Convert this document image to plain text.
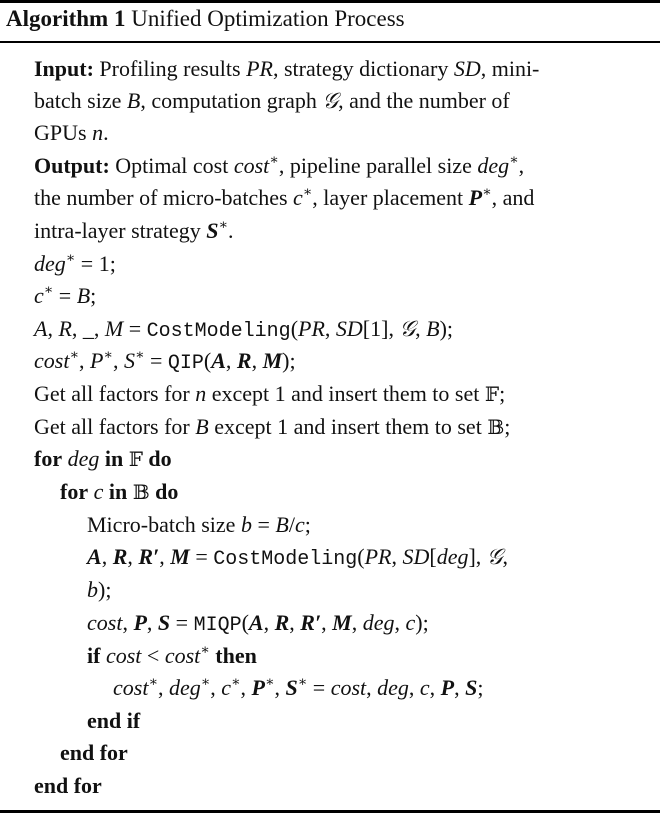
Algorithm 1 Unified Optimization Process
Input: Profiling results PR, strategy dictionary SD, mini-
batch size B, computation graph 𝒢, and the number of
GPUs n.
Output: Optimal cost cost∗, pipeline parallel size deg∗,
the number of micro-batches c∗, layer placement P∗, and
intra-layer strategy S∗.
deg∗ = 1;
c∗ = B;
A, R, _, M = CostModeling(PR, SD[1], 𝒢, B);
cost∗, P∗, S∗ = QIP(A, R, M);
Get all factors for n except 1 and insert them to set 𝔽;
Get all factors for B except 1 and insert them to set 𝔹;
for deg in 𝔽 do
for c in 𝔹 do
Micro-batch size b = B/c;
A, R, R′, M = CostModeling(PR, SD[deg], 𝒢,
b);
cost, P, S = MIQP(A, R, R′, M, deg, c);
if cost < cost∗ then
cost∗, deg∗, c∗, P∗, S∗ = cost, deg, c, P, S;
end if
end for
end for
